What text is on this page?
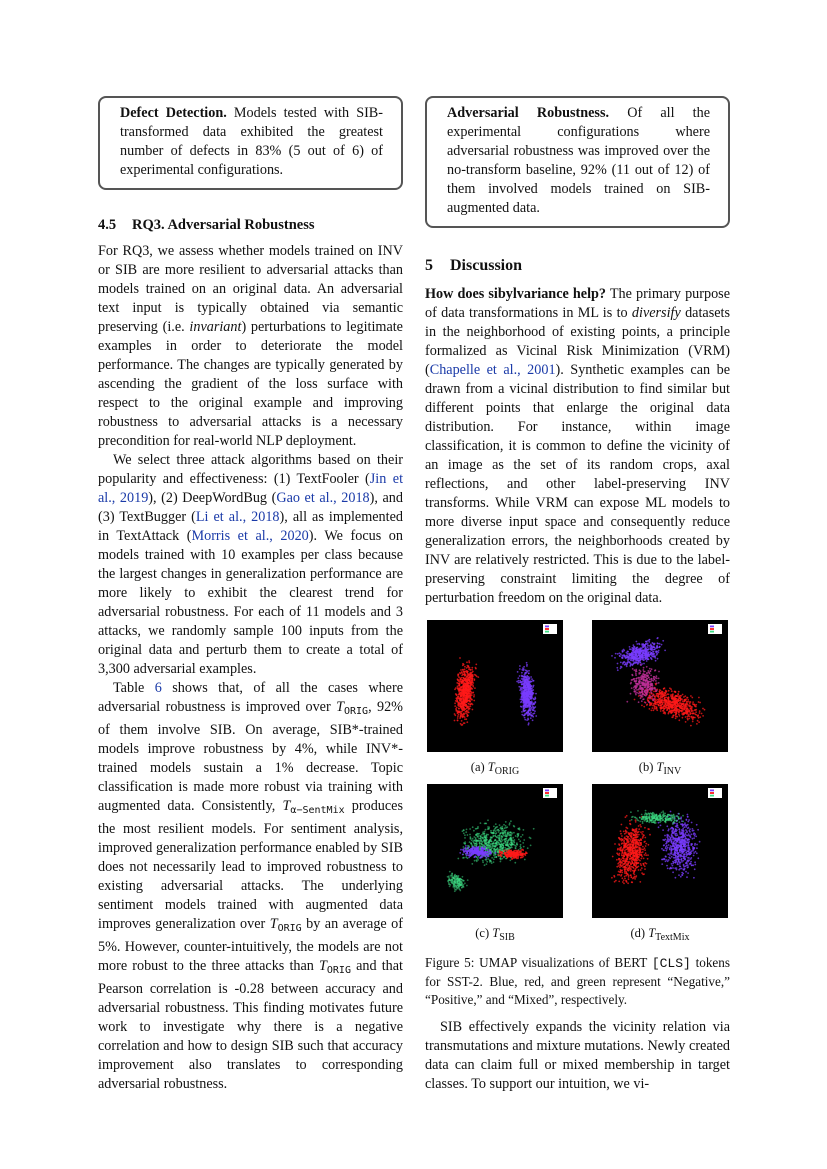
Defect Detection. Models tested with SIB-transformed data exhibited the greatest number of defects in 83% (5 out of 6) of experimental configurations.
4.5 RQ3. Adversarial Robustness

For RQ3, we assess whether models trained on INV or SIB are more resilient to adversarial attacks than models trained on an original data. An adversarial text input is typically obtained via semantic preserving (i.e. invariant) perturbations to legitimate examples in order to deteriorate the model performance. The changes are typically generated by ascending the gradient of the loss surface with respect to the original example and improving robustness to adversarial attacks is a necessary precondition for real-world NLP deployment.

We select three attack algorithms based on their popularity and effectiveness: (1) TextFooler (Jin et al., 2019), (2) DeepWordBug (Gao et al., 2018), and (3) TextBugger (Li et al., 2018), all as implemented in TextAttack (Morris et al., 2020). We focus on models trained with 10 examples per class because the largest changes in generalization performance are more likely to exhibit the clearest trend for adversarial robustness. For each of 11 models and 3 attacks, we randomly sample 100 inputs from the original data and perturb them to create a total of 3,300 adversarial examples.

Table 6 shows that, of all the cases where adversarial robustness is improved over $T_{ORIG}$, 92% of them involve SIB. On average, SIB*-trained models improve robustness by 4%, while INV*-trained models sustain a 1% decrease. Topic classification is made more robust via training with augmented data. Consistently, $T_{\alpha-SentMix}$ produces the most resilient models. For sentiment analysis, improved generalization performance enabled by SIB does not necessarily lead to improved robustness to existing adversarial attacks. The underlying sentiment models trained with augmented data improves generalization over $T_{ORIG}$ by an average of 5%. However, counter-intuitively, the models are not more robust to the three attacks than $T_{ORIG}$ and that Pearson correlation is -0.28 between accuracy and adversarial robustness. This finding motivates future work to investigate why there is a negative correlation and how to design SIB such that accuracy improvement also translates to corresponding adversarial robustness.

Adversarial Robustness. Of all the experimental configurations where adversarial robustness was improved over the no-transform baseline, 92% (11 out of 12) of them involved models trained on SIB-augmented data.
5 Discussion

How does sibylvariance help? The primary purpose of data transformations in ML is to diversify datasets in the neighborhood of existing points, a principle formalized as Vicinal Risk Minimization (VRM) (Chapelle et al., 2001). Synthetic examples can be drawn from a vicinal distribution to find similar but different points that enlarge the original data distribution. For instance, within image classification, it is common to define the vicinity of an image as the set of its random crops, axal reflections, and other label-preserving INV transforms. While VRM can expose ML models to more diverse input space and consequently reduce generalization errors, the neighborhoods created by INV are relatively restricted. This is due to the label-preserving constraint limiting the degree of perturbation freedom on the original data.

(a) $T_{ORIG}$	(b) $T_{INV}$
(c) $T_{SIB}$	(d) $T_{TextMix}$

Figure 5: UMAP visualizations of BERT [CLS] tokens for SST-2. Blue, red, and green represent “Negative,” “Positive,” and “Mixed”, respectively.

SIB effectively expands the vicinity relation via transmutations and mixture mutations. Newly created data can claim full or mixed membership in target classes. To support our intuition, we vi-
